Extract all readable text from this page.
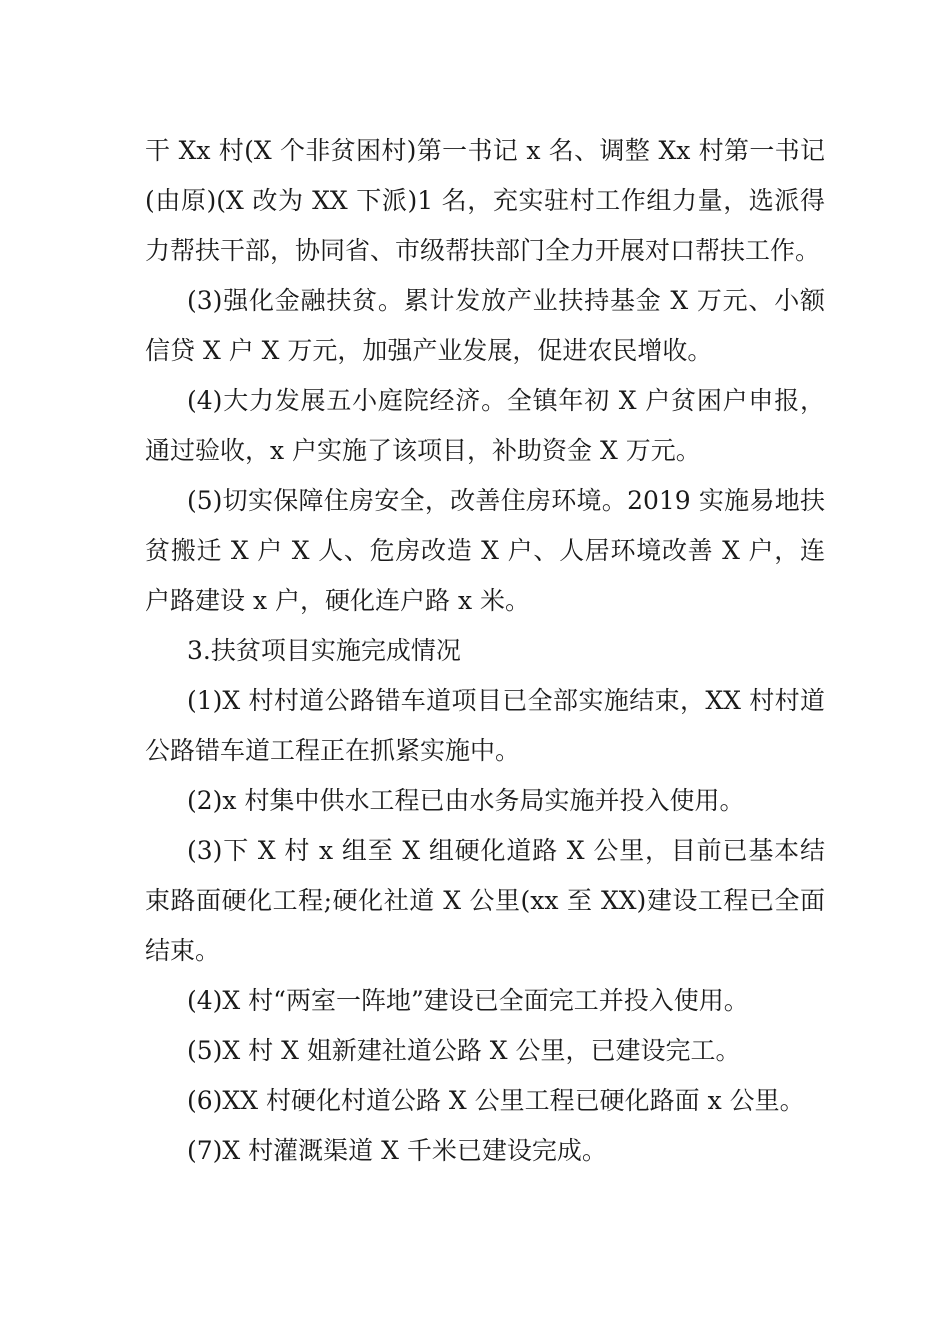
干 Xx 村(X 个非贫困村)第一书记 x 名、调整 Xx 村第一书记(由原)(X 改为 XX 下派)1 名，充实驻村工作组力量，选派得力帮扶干部，协同省、市级帮扶部门全力开展对口帮扶工作。

(3)强化金融扶贫。累计发放产业扶持基金 X 万元、小额信贷 X 户 X 万元，加强产业发展，促进农民增收。

(4)大力发展五小庭院经济。全镇年初 X 户贫困户申报，通过验收，x 户实施了该项目，补助资金 X 万元。

(5)切实保障住房安全，改善住房环境。2019 实施易地扶贫搬迁 X 户 X 人、危房改造 X 户、人居环境改善 X 户，连户路建设 x 户，硬化连户路 x 米。

3.扶贫项目实施完成情况

(1)X 村村道公路错车道项目已全部实施结束，XX 村村道公路错车道工程正在抓紧实施中。

(2)x 村集中供水工程已由水务局实施并投入使用。

(3)下 X 村 x 组至 X 组硬化道路 X 公里，目前已基本结束路面硬化工程;硬化社道 X 公里(xx 至 XX)建设工程已全面结束。

(4)X 村“两室一阵地”建设已全面完工并投入使用。

(5)X 村 X 姐新建社道公路 X 公里，已建设完工。

(6)XX 村硬化村道公路 X 公里工程已硬化路面 x 公里。

(7)X 村灌溉渠道 X 千米已建设完成。
